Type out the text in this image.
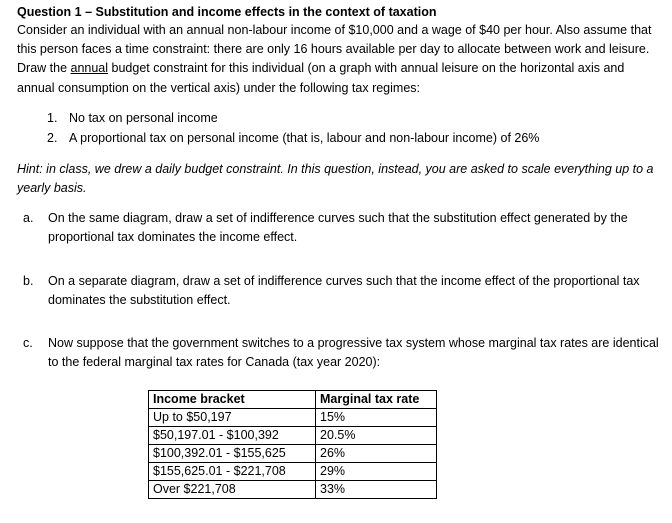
Question 1 – Substitution and income effects in the context of taxation
Consider an individual with an annual non-labour income of $10,000 and a wage of $40 per hour. Also assume that this person faces a time constraint: there are only 16 hours available per day to allocate between work and leisure. Draw the annual budget constraint for this individual (on a graph with annual leisure on the horizontal axis and annual consumption on the vertical axis) under the following tax regimes:
1. No tax on personal income
2. A proportional tax on personal income (that is, labour and non-labour income) of 26%
Hint: in class, we drew a daily budget constraint. In this question, instead, you are asked to scale everything up to a yearly basis.
a. On the same diagram, draw a set of indifference curves such that the substitution effect generated by the proportional tax dominates the income effect.
b. On a separate diagram, draw a set of indifference curves such that the income effect of the proportional tax dominates the substitution effect.
c. Now suppose that the government switches to a progressive tax system whose marginal tax rates are identical to the federal marginal tax rates for Canada (tax year 2020):
Income bracket	Marginal tax rate
Up to $50,197	15%
$50,197.01 - $100,392	20.5%
$100,392.01 - $155,625	26%
$155,625.01 - $221,708	29%
Over $221,708	33%
